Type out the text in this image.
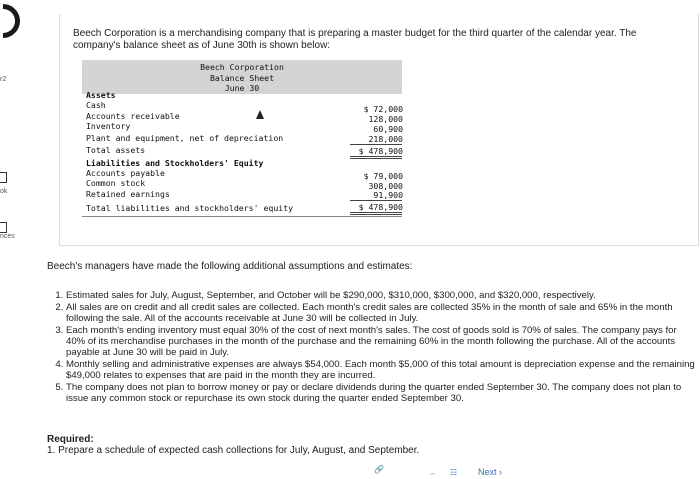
r2
ok
nces
Beech Corporation is a merchandising company that is preparing a master budget for the third quarter of the calendar year. The company's balance sheet as of June 30th is shown below:
Beech Corporation
Balance Sheet
June 30
Assets
Cash	$ 72,000
Accounts receivable	128,000
Inventory	60,900
Plant and equipment, net of depreciation	218,000
Total assets	$ 478,900
Liabilities and Stockholders' Equity
Accounts payable	$ 79,000
Common stock	308,000
Retained earnings	91,900
Total liabilities and stockholders' equity	$ 478,900
Beech's managers have made the following additional assumptions and estimates:
1. Estimated sales for July, August, September, and October will be $290,000, $310,000, $300,000, and $320,000, respectively.
2. All sales are on credit and all credit sales are collected. Each month's credit sales are collected 35% in the month of sale and 65% in the month following the sale. All of the accounts receivable at June 30 will be collected in July.
3. Each month's ending inventory must equal 30% of the cost of next month's sales. The cost of goods sold is 70% of sales. The company pays for 40% of its merchandise purchases in the month of the purchase and the remaining 60% in the month following the purchase. All of the accounts payable at June 30 will be paid in July.
4. Monthly selling and administrative expenses are always $54,000. Each month $5,000 of this total amount is depreciation expense and the remaining $49,000 relates to expenses that are paid in the month they are incurred.
5. The company does not plan to borrow money or pay or declare dividends during the quarter ended September 30. The company does not plan to issue any common stock or repurchase its own stock during the quarter ended September 30.
Required:
1. Prepare a schedule of expected cash collections for July, August, and September.
🔗	⌢ ☷ Next ›
